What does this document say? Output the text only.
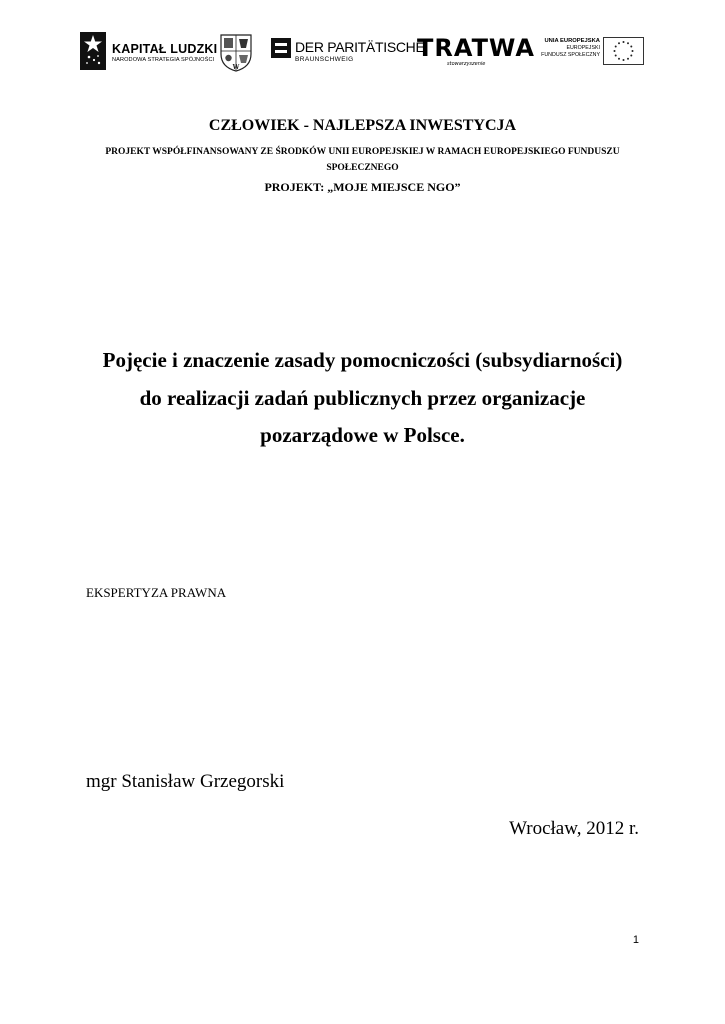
KAPITAŁ LUDZKI
NARODOWA STRATEGIA SPÓJNOŚCI
W
DER PARITÄTISCHE
BRAUNSCHWEIG	TRATWA
stowarzyszenie
UNIA EUROPEJSKA
EUROPEJSKI
FUNDUSZ SPOŁECZNY
CZŁOWIEK - NAJLEPSZA INWESTYCJA
PROJEKT WSPÓŁFINANSOWANY ZE ŚRODKÓW UNII EUROPEJSKIEJ W RAMACH EUROPEJSKIEGO FUNDUSZU
SPOŁECZNEGO
PROJEKT: „MOJE MIEJSCE NGO”
Pojęcie i znaczenie zasady pomocniczości (subsydiarności)
do realizacji zadań publicznych przez organizacje
pozarządowe w Polsce.
EKSPERTYZA PRAWNA
mgr Stanisław Grzegorski
Wrocław, 2012 r.
1
